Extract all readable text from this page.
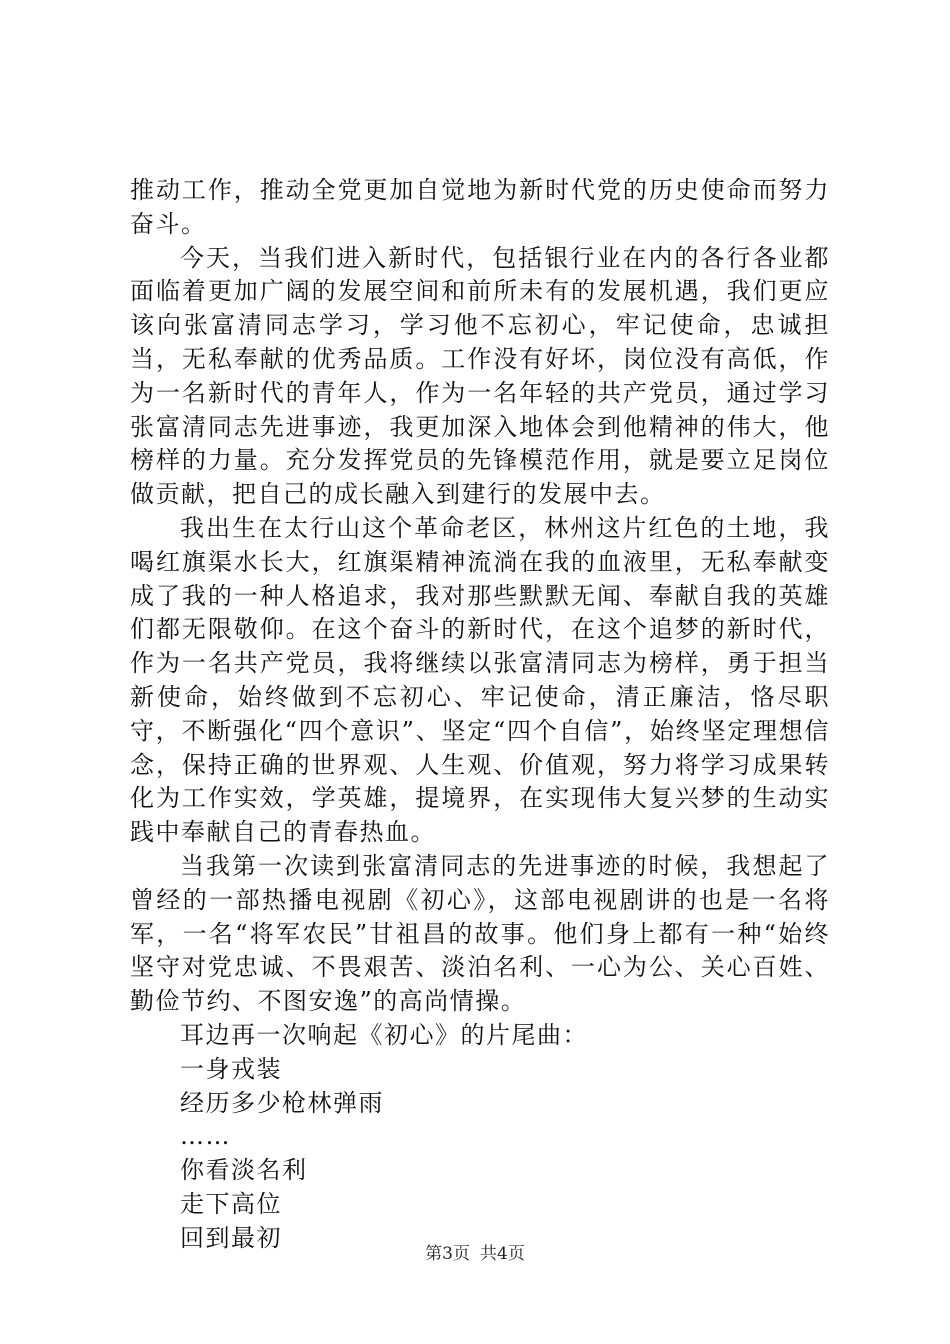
推动工作，推动全党更加自觉地为新时代党的历史使命而努力奋斗。

今天，当我们进入新时代，包括银行业在内的各行各业都面临着更加广阔的发展空间和前所未有的发展机遇，我们更应该向张富清同志学习，学习他不忘初心，牢记使命，忠诚担当，无私奉献的优秀品质。工作没有好坏，岗位没有高低，作为一名新时代的青年人，作为一名年轻的共产党员，通过学习张富清同志先进事迹，我更加深入地体会到他精神的伟大，他榜样的力量。充分发挥党员的先锋模范作用，就是要立足岗位做贡献，把自己的成长融入到建行的发展中去。

我出生在太行山这个革命老区，林州这片红色的土地，我喝红旗渠水长大，红旗渠精神流淌在我的血液里，无私奉献变成了我的一种人格追求，我对那些默默无闻、奉献自我的英雄们都无限敬仰。在这个奋斗的新时代，在这个追梦的新时代，作为一名共产党员，我将继续以张富清同志为榜样，勇于担当新使命，始终做到不忘初心、牢记使命，清正廉洁，恪尽职守，不断强化“四个意识”、坚定“四个自信”，始终坚定理想信念，保持正确的世界观、人生观、价值观，努力将学习成果转化为工作实效，学英雄，提境界，在实现伟大复兴梦的生动实践中奉献自己的青春热血。

当我第一次读到张富清同志的先进事迹的时候，我想起了曾经的一部热播电视剧《初心》，这部电视剧讲的也是一名将军，一名“将军农民”甘祖昌的故事。他们身上都有一种“始终坚守对党忠诚、不畏艰苦、淡泊名利、一心为公、关心百姓、勤俭节约、不图安逸”的高尚情操。

耳边再一次响起《初心》的片尾曲：

一身戎装

经历多少枪林弹雨

……

你看淡名利

走下高位

回到最初

第3页 共4页
